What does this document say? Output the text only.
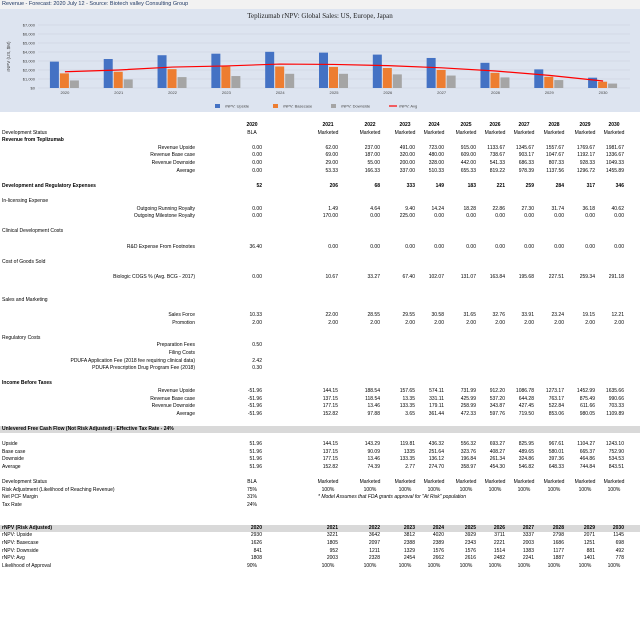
Revenue - Forecast: 2020 July 12 - Source: Biotech valley Consulting Group
Teplizumab rNPV: Global Sales: US, Europe, Japan
$0
$1,000
$2,000
$3,000
$4,000
$5,000
$6,000
$7,000
rNPV (US, $M)
2020	2021	2022	2023	2024	2025	2026	2027	2028	2029	2030
rNPV: Upside	rNPV: Basecase	rNPV: Downside	rNPV: Avg
2020	2021	2022	2023	2024	2025	2026	2027	2028	2029	2030
Development Status	BLA	Marketed	Marketed	Marketed	Marketed	Marketed	Marketed	Marketed	Marketed	Marketed	Marketed
Revenue from Teplizumab
Revenue Upside	0.00	62.00	237.00	491.00	723.00	915.00	1133.67	1345.67	1557.67	1769.67	1981.67
Revenue Base case	0.00	69.00	187.00	320.00	480.00	609.00	738.67	903.17	1047.67	1192.17	1336.67
Revenue Downside	0.00	29.00	55.00	200.00	328.00	442.00	541.33	686.33	807.33	928.33	1049.33
Average	0.00	53.33	166.33	337.00	510.33	655.33	819.22	978.39	1137.56	1296.72	1455.89
Development and Regulatory Expenses	52	206	68	333	149	183	221	259	284	317	346
In-licensing Expense
Outgoing Running Royalty	0.00	1.49	4.64	9.40	14.24	18.28	22.86	27.30	31.74	36.18	40.62
Outgoing Milestone Royalty	0.00	170.00	0.00	225.00	0.00	0.00	0.00	0.00	0.00	0.00	0.00
Clinical Development Costs
R&D Expense From Footnotes	36.40	0.00	0.00	0.00	0.00	0.00	0.00	0.00	0.00	0.00	0.00
Cost of Goods Sold
Biologic COGS % (Avg. BCG - 2017)	0.00	10.67	33.27	67.40	102.07	131.07	163.84	195.68	227.51	259.34	291.18
Sales and Marketing
Sales Force	10.33	22.00	28.55	29.55	30.58	31.65	32.76	33.91	23.24	19.15	12.21
Promotion	2.00	2.00	2.00	2.00	2.00	2.00	2.00	2.00	2.00	2.00	2.00
Regulatory Costs
Preparation Fees	0.50
Filing Costs
PDUFA Application Fee (2018 fee requiring clinical data)	2.42
PDUFA Prescription Drug Program Fee (2018)	0.30
Income Before Taxes
Revenue Upside	-51.96	144.15	188.54	157.65	574.11	731.99	912.20	1086.78	1273.17	1452.99	1635.66
Revenue Base case	-51.96	137.15	118.54	13.35	331.11	425.99	537.20	644.28	763.17	875.49	990.66
Revenue Downside	-51.96	177.15	13.46	133.35	179.11	258.99	343.87	427.45	522.84	611.66	703.33
Average	-51.96	152.82	97.88	3.65	361.44	472.33	597.76	719.50	853.06	980.05	1109.89
Unlevered Free Cash Flow (Not Risk Adjusted) - Effective Tax Rate - 24%
Upside	51.96	144.15	143.29	119.81	436.32	556.32	693.27	825.95	967.61	1104.27	1243.10
Base case	51.96	137.15	90.09	1335	251.64	323.76	408.27	489.65	580.01	665.37	752.90
Downside	51.96	177.15	13.46	133.35	136.12	196.84	261.34	324.86	397.36	464.86	534.53
Average	51.96	152.82	74.39	2.77	274.70	358.97	454.30	546.82	648.33	744.84	843.51
Development Status	BLA	Marketed	Marketed	Marketed	Marketed	Marketed	Marketed	Marketed	Marketed	Marketed	Marketed
Risk Adjustment (Likelihood of Reaching Revenue)	75%	100%	100%	100%	100%	100%	100%	100%	100%	100%	100%
Net PCF Margin	31%	* Model Assumes that FDA grants approval for "At Risk" population
Tax Rate	24%
rNPV (Risk Adjusted)	2020	2021	2022	2023	2024	2025	2026	2027	2028	2029	2030
rNPV: Upside	2930	3221	3642	3812	4020	3929	3711	3337	2798	2071	1145
rNPV: Basecase	1626	1805	2097	2388	2389	2343	2221	2003	1686	1251	698
rNPV: Downside	841	952	1211	1329	1576	1576	1514	1383	1177	881	492
rNPV: Avg	1808	2003	2328	2454	2662	2616	2482	2241	1887	1401	778
Likelihood of Approval	90%	100%	100%	100%	100%	100%	100%	100%	100%	100%	100%
